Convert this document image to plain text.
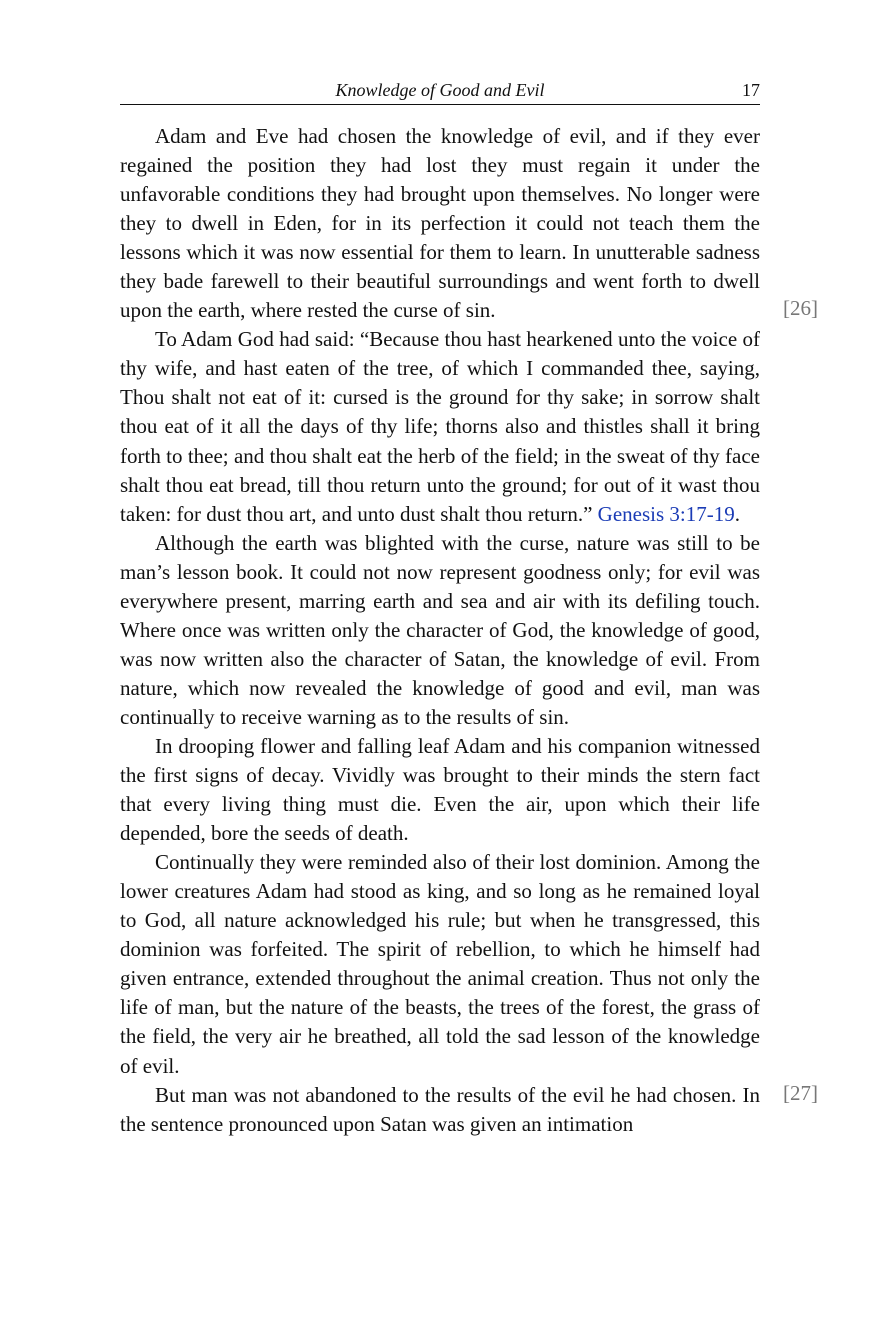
Knowledge of Good and Evil	17

Adam and Eve had chosen the knowledge of evil, and if they ever regained the position they had lost they must regain it under the unfavorable conditions they had brought upon themselves. No longer were they to dwell in Eden, for in its perfection it could not teach them the lessons which it was now essential for them to learn. In unutterable sadness they bade farewell to their beautiful surroundings and went forth to dwell upon the earth, where rested the curse of sin.

To Adam God had said: “Because thou hast hearkened unto the voice of thy wife, and hast eaten of the tree, of which I commanded thee, saying, Thou shalt not eat of it: cursed is the ground for thy sake; in sorrow shalt thou eat of it all the days of thy life; thorns also and thistles shall it bring forth to thee; and thou shalt eat the herb of the field; in the sweat of thy face shalt thou eat bread, till thou return unto the ground; for out of it wast thou taken: for dust thou art, and unto dust shalt thou return.” Genesis 3:17-19.

Although the earth was blighted with the curse, nature was still to be man’s lesson book. It could not now represent goodness only; for evil was everywhere present, marring earth and sea and air with its defiling touch. Where once was written only the character of God, the knowledge of good, was now written also the character of Satan, the knowledge of evil. From nature, which now revealed the knowledge of good and evil, man was continually to receive warning as to the results of sin.

In drooping flower and falling leaf Adam and his companion witnessed the first signs of decay. Vividly was brought to their minds the stern fact that every living thing must die. Even the air, upon which their life depended, bore the seeds of death.

Continually they were reminded also of their lost dominion. Among the lower creatures Adam had stood as king, and so long as he remained loyal to God, all nature acknowledged his rule; but when he transgressed, this dominion was forfeited. The spirit of rebellion, to which he himself had given entrance, extended throughout the animal creation. Thus not only the life of man, but the nature of the beasts, the trees of the forest, the grass of the field, the very air he breathed, all told the sad lesson of the knowledge of evil.

But man was not abandoned to the results of the evil he had chosen. In the sentence pronounced upon Satan was given an intimation

[26]
[27]
